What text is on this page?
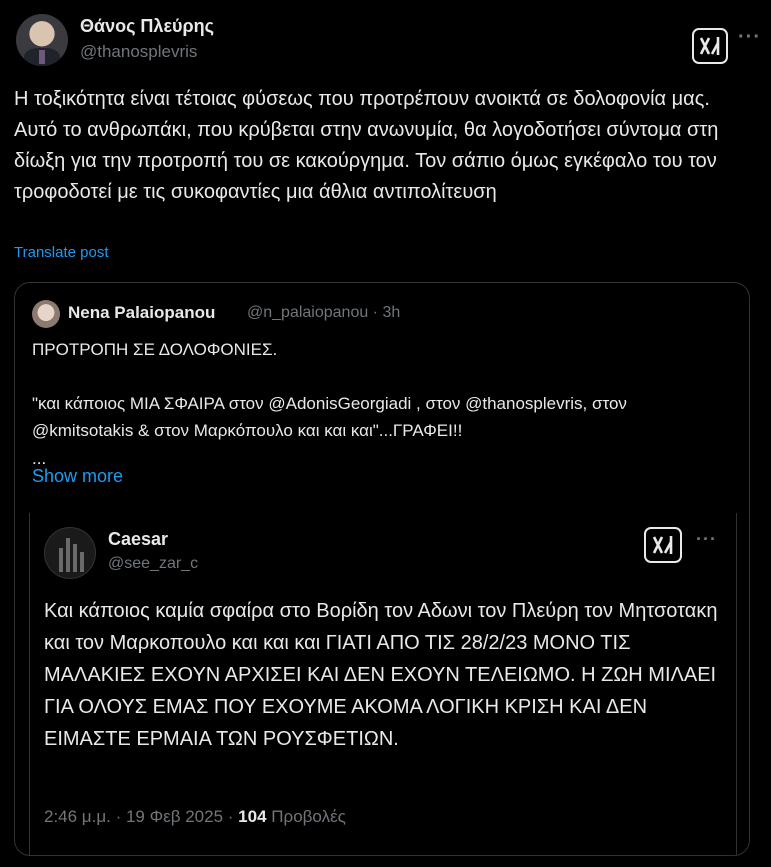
Θάνος Πλεύρης
@thanosplevris
···
Η τοξικότητα είναι τέτοιας φύσεως που προτρέπουν ανοικτά σε δολοφονία μας. Αυτό το ανθρωπάκι, που κρύβεται στην ανωνυμία, θα λογοδοτήσει σύντομα στη δίωξη για την προτροπή του σε κακούργημα. Τον σάπιο όμως εγκέφαλο του τον τροφοδοτεί με τις συκοφαντίες μια άθλια αντιπολίτευση
Translate post
Nena Palaiopanou @n_palaiopanou · 3h
ΠΡΟΤΡΟΠΗ ΣΕ ΔΟΛΟΦΟΝΙΕΣ.

"και κάποιος ΜΙΑ ΣΦΑΙΡΑ στον @AdonisGeorgiadi , στον @thanosplevris, στον @kmitsotakis & στον Μαρκόπουλο και και και"...ΓΡΑΦΕΙ!!
...
Show more
Caesar
@see_zar_c
···
Και κάποιος καμία σφαίρα στο Βορίδη τον Αδωνι τον Πλεύρη τον Μητσοτακη και τον Μαρκοπουλο και και και ΓΙΑΤΙ ΑΠΟ ΤΙΣ 28/2/23 ΜΟΝΟ ΤΙΣ ΜΑΛΑΚΙΕΣ ΕΧΟΥΝ ΑΡΧΙΣΕΙ ΚΑΙ ΔΕΝ ΕΧΟΥΝ ΤΕΛΕΙΩΜΟ. Η ΖΩΗ ΜΙΛΑΕΙ ΓΙΑ ΟΛΟΥΣ ΕΜΑΣ ΠΟΥ ΕΧΟΥΜΕ ΑΚΟΜΑ ΛΟΓΙΚΗ ΚΡΙΣΗ ΚΑΙ ΔΕΝ ΕΙΜΑΣΤΕ ΕΡΜΑΙΑ ΤΩΝ ΡΟΥΣΦΕΤΙΩΝ.
2:46 μ.μ. · 19 Φεβ 2025 · 104 Προβολές
